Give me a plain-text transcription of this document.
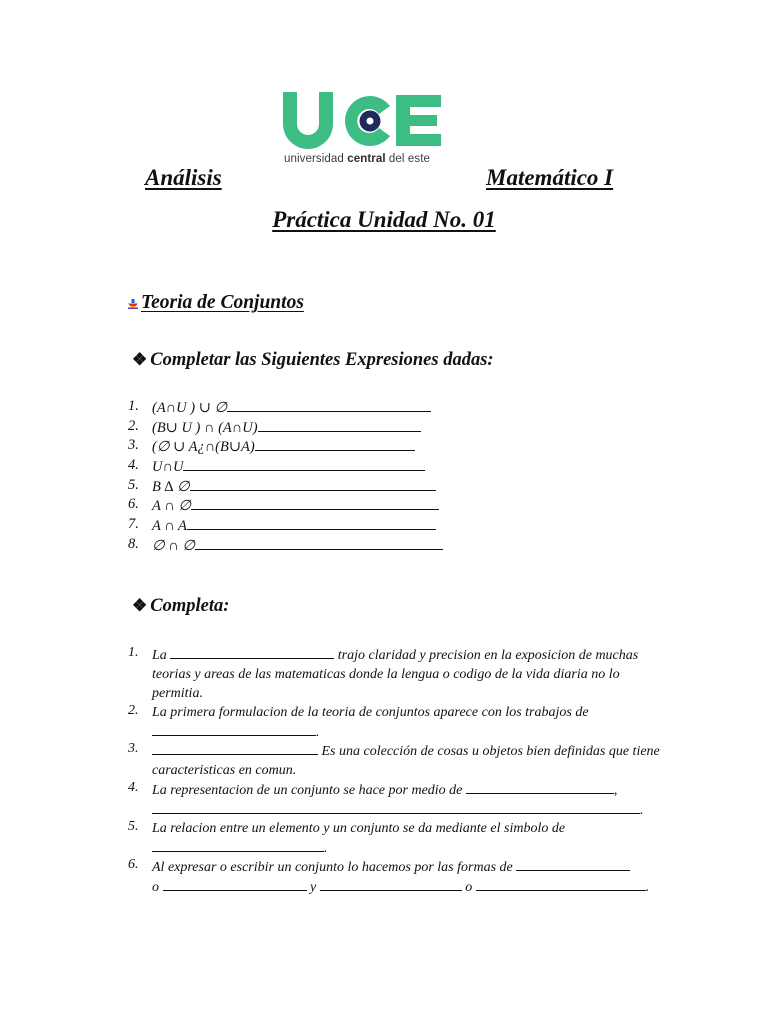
universidad central del este
Análisis	Matemático I
Práctica Unidad No. 01
Teoria de Conjuntos
❖ Completar las Siguientes Expresiones dadas:
1. (A∩U ) ∪ ∅
2. (B∪ U ) ∩ (A∩U)
3. (∅ ∪ A¿∩(B∪A)
4. U∩U
5. B ∆ ∅
6. A ∩ ∅
7. A ∩ A
8. ∅ ∩ ∅
❖ Completa:
1. La	trajo claridad y precision en la exposicion de muchas teorias y areas de las matematicas donde la lengua o codigo de la vida diaria no lo permitia.
2. La primera formulacion de la teoria de conjuntos aparece con los trabajos de
.
3.	Es una colección de cosas u objetos bien definidas que tiene caracteristicas en comun.
4. La representacion de un conjunto se hace por medio de	,
.
5. La relacion entre un elemento y un conjunto se da mediante el simbolo de
.
6. Al expresar o escribir un conjunto lo hacemos por las formas de
o	y	o	.
